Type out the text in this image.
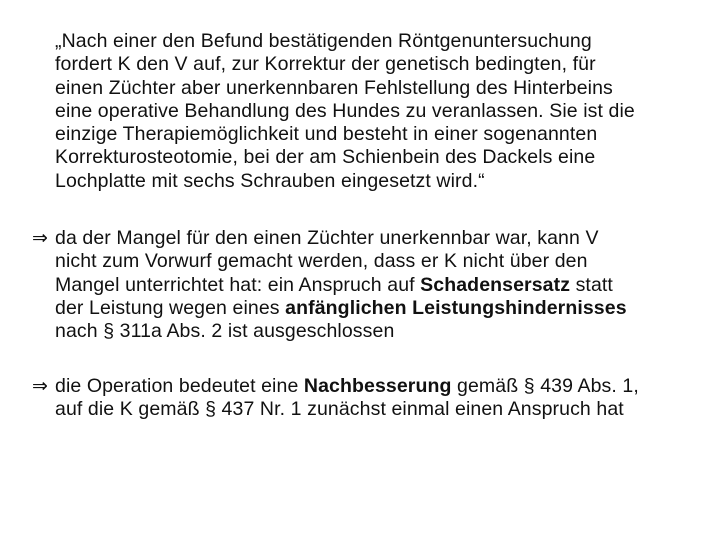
„Nach einer den Befund bestätigenden Röntgenuntersuchung
fordert K den V auf, zur Korrektur der genetisch bedingten, für
einen Züchter aber unerkennbaren Fehlstellung des Hinterbeins
eine operative Behandlung des Hundes zu veranlassen. Sie ist die
einzige Therapiemöglichkeit und besteht in einer sogenannten
Korrekturosteotomie, bei der am Schienbein des Dackels eine
Lochplatte mit sechs Schrauben eingesetzt wird.“
⇒ da der Mangel für den einen Züchter unerkennbar war, kann V
nicht zum Vorwurf gemacht werden, dass er K nicht über den
Mangel unterrichtet hat: ein Anspruch auf Schadensersatz statt
der Leistung wegen eines anfänglichen Leistungshindernisses
nach § 311a Abs. 2 ist ausgeschlossen
⇒ die Operation bedeutet eine Nachbesserung gemäß § 439 Abs. 1,
auf die K gemäß § 437 Nr. 1 zunächst einmal einen Anspruch hat
